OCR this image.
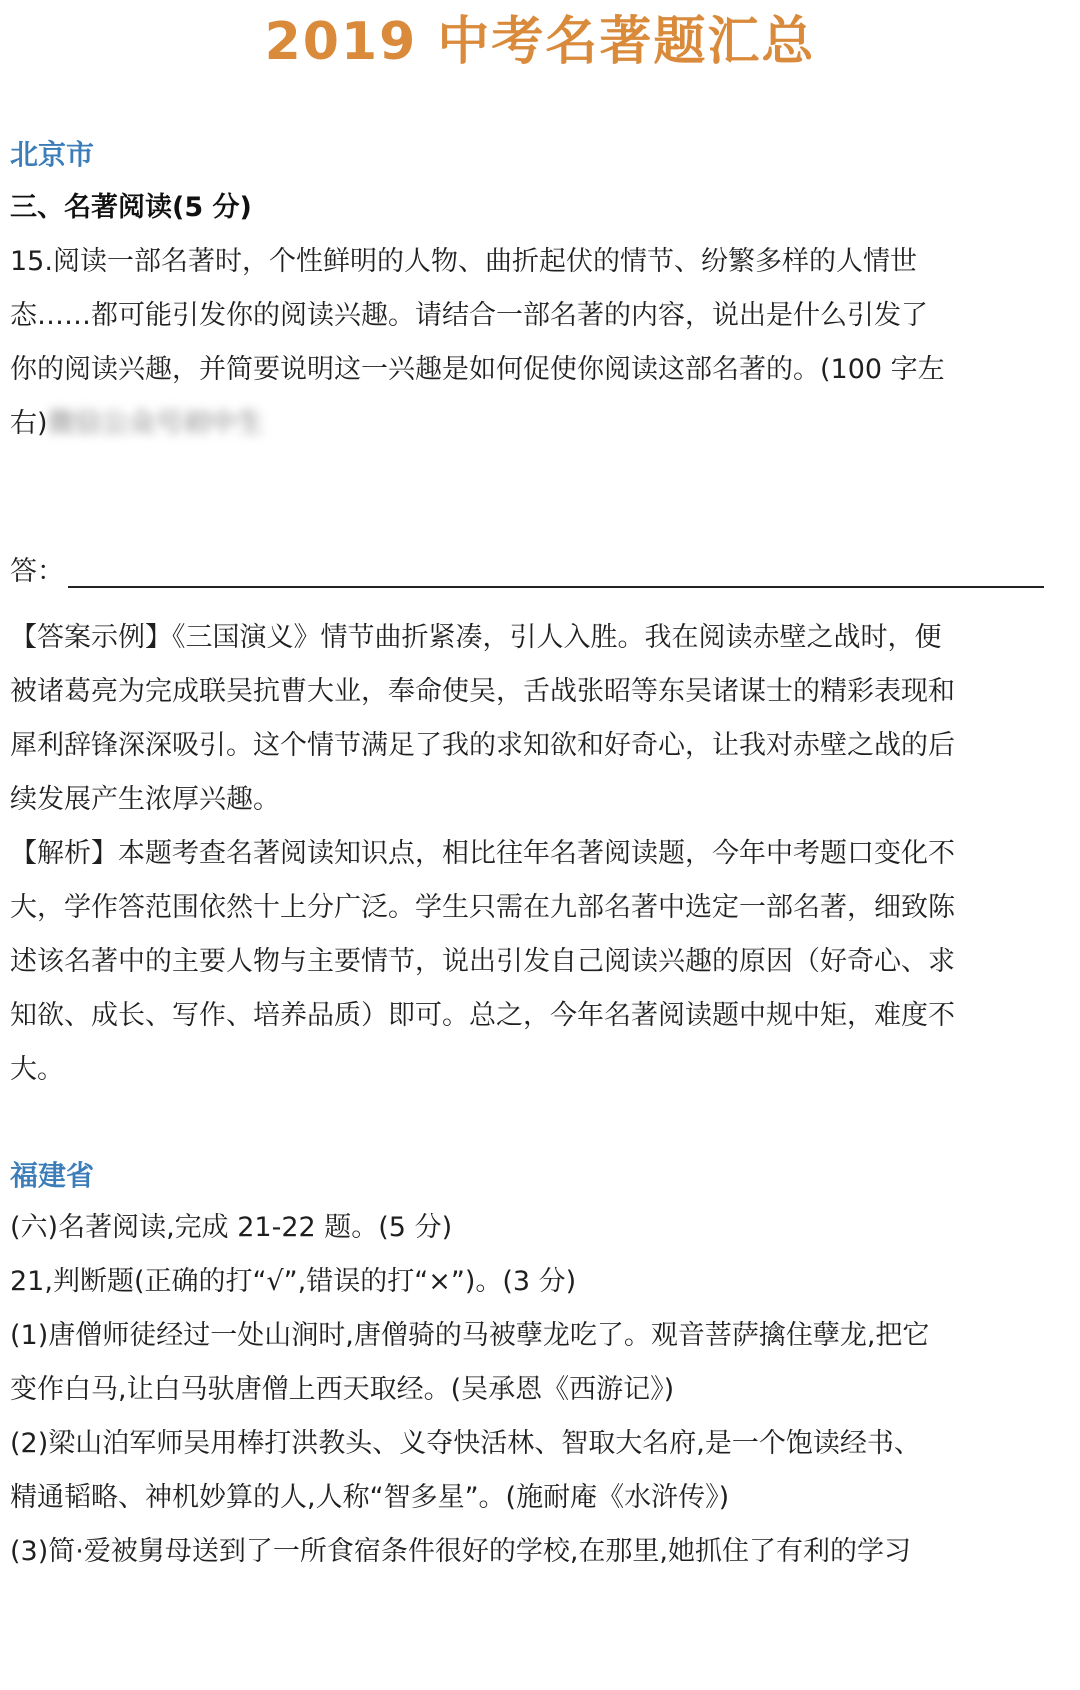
2019 中考名著题汇总
北京市
三、名著阅读(5 分)
15.阅读一部名著时，个性鲜明的人物、曲折起伏的情节、纷繁多样的人情世
态……都可能引发你的阅读兴趣。请结合一部名著的内容，说出是什么引发了
你的阅读兴趣，并简要说明这一兴趣是如何促使你阅读这部名著的。(100 字左
右)微信公众号初中生
答：
【答案示例】《三国演义》情节曲折紧凑，引人入胜。我在阅读赤壁之战时，便
被诸葛亮为完成联吴抗曹大业，奉命使吴，舌战张昭等东吴诸谋士的精彩表现和
犀利辞锋深深吸引。这个情节满足了我的求知欲和好奇心，让我对赤壁之战的后
续发展产生浓厚兴趣。
【解析】本题考查名著阅读知识点，相比往年名著阅读题，今年中考题口变化不
大，学作答范围依然十上分广泛。学生只需在九部名著中选定一部名著，细致陈
述该名著中的主要人物与主要情节，说出引发自己阅读兴趣的原因（好奇心、求
知欲、成长、写作、培养品质）即可。总之，今年名著阅读题中规中矩，难度不
大。
福建省
(六)名著阅读,完成 21-22 题。(5 分)
21,判断题(正确的打“√”,错误的打“×”)。(3 分)
(1)唐僧师徒经过一处山涧时,唐僧骑的马被孽龙吃了。观音菩萨擒住孽龙,把它
变作白马,让白马驮唐僧上西天取经。(吴承恩《西游记》)
(2)梁山泊军师吴用棒打洪教头、义夺快活林、智取大名府,是一个饱读经书、
精通韬略、神机妙算的人,人称“智多星”。(施耐庵《水浒传》)
(3)简·爱被舅母送到了一所食宿条件很好的学校,在那里,她抓住了有利的学习
